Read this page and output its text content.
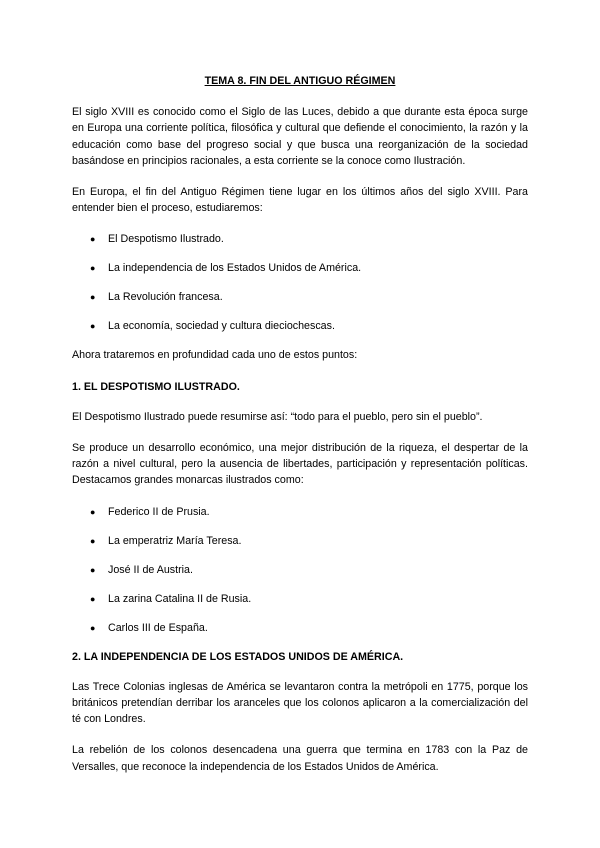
TEMA 8. FIN DEL ANTIGUO RÉGIMEN

El siglo XVIII es conocido como el Siglo de las Luces, debido a que durante esta época surge en Europa una corriente política, filosófica y cultural que defiende el conocimiento, la razón y la educación como base del progreso social y que busca una reorganización de la sociedad basándose en principios racionales, a esta corriente se la conoce como Ilustración.

En Europa, el fin del Antiguo Régimen tiene lugar en los últimos años del siglo XVIII. Para entender bien el proceso, estudiaremos:

● El Despotismo Ilustrado.
● La independencia de los Estados Unidos de América.
● La Revolución francesa.
● La economía, sociedad y cultura dieciochescas.

Ahora trataremos en profundidad cada uno de estos puntos:

1. EL DESPOTISMO ILUSTRADO.

El Despotismo Ilustrado puede resumirse así: “todo para el pueblo, pero sin el pueblo”.

Se produce un desarrollo económico, una mejor distribución de la riqueza, el despertar de la razón a nivel cultural, pero la ausencia de libertades, participación y representación políticas. Destacamos grandes monarcas ilustrados como:

● Federico II de Prusia.
● La emperatriz María Teresa.
● José II de Austria.
● La zarina Catalina II de Rusia.
● Carlos III de España.
2. LA INDEPENDENCIA DE LOS ESTADOS UNIDOS DE AMÉRICA.

Las Trece Colonias inglesas de América se levantaron contra la metrópoli en 1775, porque los británicos pretendían derribar los aranceles que los colonos aplicaron a la comercialización del té con Londres.

La rebelión de los colonos desencadena una guerra que termina en 1783 con la Paz de Versalles, que reconoce la independencia de los Estados Unidos de América.
